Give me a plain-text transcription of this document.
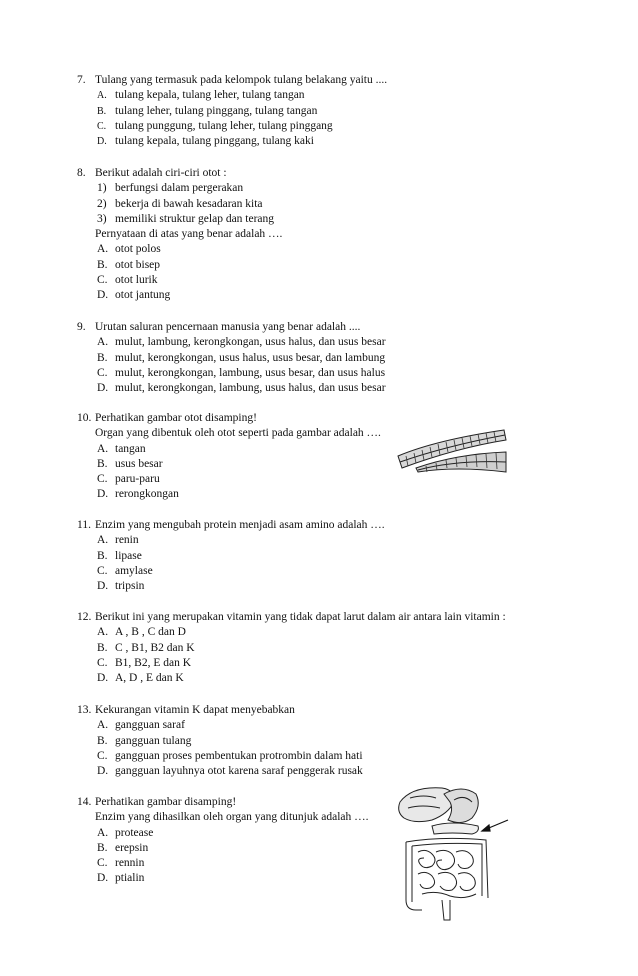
7. Tulang yang termasuk pada kelompok tulang belakang yaitu ....
A. tulang kepala, tulang leher, tulang tangan
B. tulang leher, tulang pinggang, tulang tangan
C. tulang punggung, tulang leher, tulang pinggang
D. tulang kepala, tulang pinggang, tulang kaki
8. Berikut adalah ciri-ciri otot :
1) berfungsi dalam pergerakan
2) bekerja di bawah kesadaran kita
3) memiliki struktur gelap dan terang
Pernyataan di atas yang benar adalah ….
A. otot polos
B. otot bisep
C. otot lurik
D. otot jantung
9. Urutan saluran pencernaan manusia yang benar adalah ....
A. mulut, lambung, kerongkongan, usus halus, dan usus besar
B. mulut, kerongkongan, usus halus, usus besar, dan lambung
C. mulut, kerongkongan, lambung, usus besar, dan usus halus
D. mulut, kerongkongan, lambung, usus halus, dan usus besar
10. Perhatikan gambar otot disamping!
Organ yang dibentuk oleh otot seperti pada gambar adalah ….
A. tangan
B. usus besar
C. paru-paru
D. rerongkongan
11. Enzim yang mengubah protein menjadi asam amino adalah ….
A. renin
B. lipase
C. amylase
D. tripsin
12. Berikut ini yang merupakan vitamin yang tidak dapat larut dalam air antara lain vitamin :
A. A , B , C dan D
B. C , B1, B2 dan K
C. B1, B2, E dan K
D. A, D , E dan K
13. Kekurangan vitamin K dapat menyebabkan
A. gangguan saraf
B. gangguan tulang
C. gangguan proses pembentukan protrombin dalam hati
D. gangguan layuhnya otot karena saraf penggerak rusak
14. Perhatikan gambar disamping!
Enzim yang dihasilkan oleh organ yang ditunjuk adalah ….
A. protease
B. erepsin
C. rennin
D. ptialin
